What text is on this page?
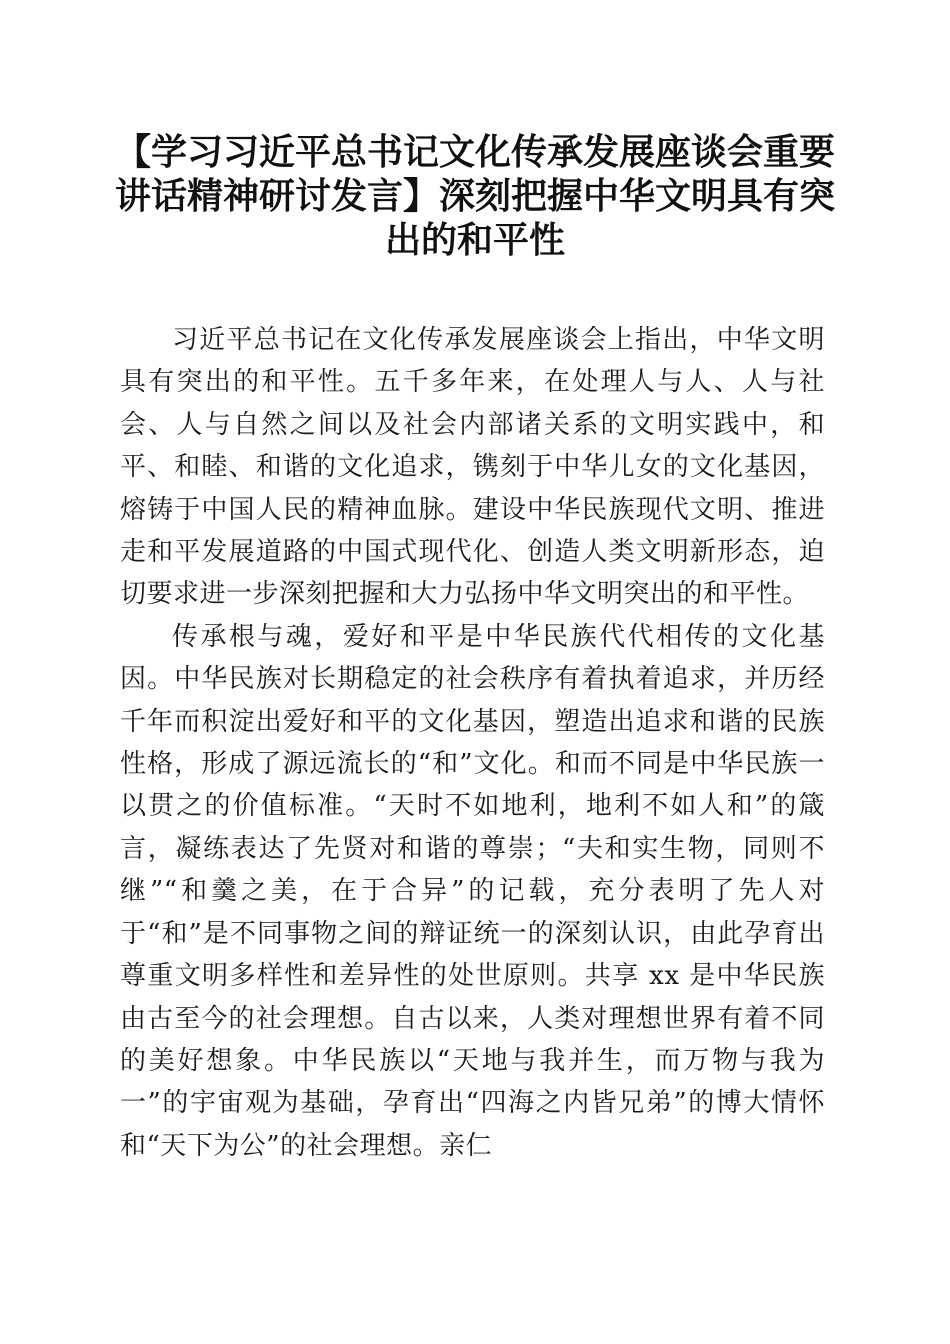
【学习习近平总书记文化传承发展座谈会重要讲话精神研讨发言】深刻把握中华文明具有突出的和平性

习近平总书记在文化传承发展座谈会上指出，中华文明具有突出的和平性。五千多年来，在处理人与人、人与社会、人与自然之间以及社会内部诸关系的文明实践中，和平、和睦、和谐的文化追求，镌刻于中华儿女的文化基因，熔铸于中国人民的精神血脉。建设中华民族现代文明、推进走和平发展道路的中国式现代化、创造人类文明新形态，迫切要求进一步深刻把握和大力弘扬中华文明突出的和平性。

传承根与魂，爱好和平是中华民族代代相传的文化基因。中华民族对长期稳定的社会秩序有着执着追求，并历经千年而积淀出爱好和平的文化基因，塑造出追求和谐的民族性格，形成了源远流长的“和”文化。和而不同是中华民族一以贯之的价值标准。“天时不如地利，地利不如人和”的箴言，凝练表达了先贤对和谐的尊崇；“夫和实生物，同则不继”“和羹之美，在于合异”的记载，充分表明了先人对于“和”是不同事物之间的辩证统一的深刻认识，由此孕育出尊重文明多样性和差异性的处世原则。共享 xx 是中华民族由古至今的社会理想。自古以来，人类对理想世界有着不同的美好想象。中华民族以“天地与我并生，而万物与我为一”的宇宙观为基础，孕育出“四海之内皆兄弟”的博大情怀和“天下为公”的社会理想。亲仁
